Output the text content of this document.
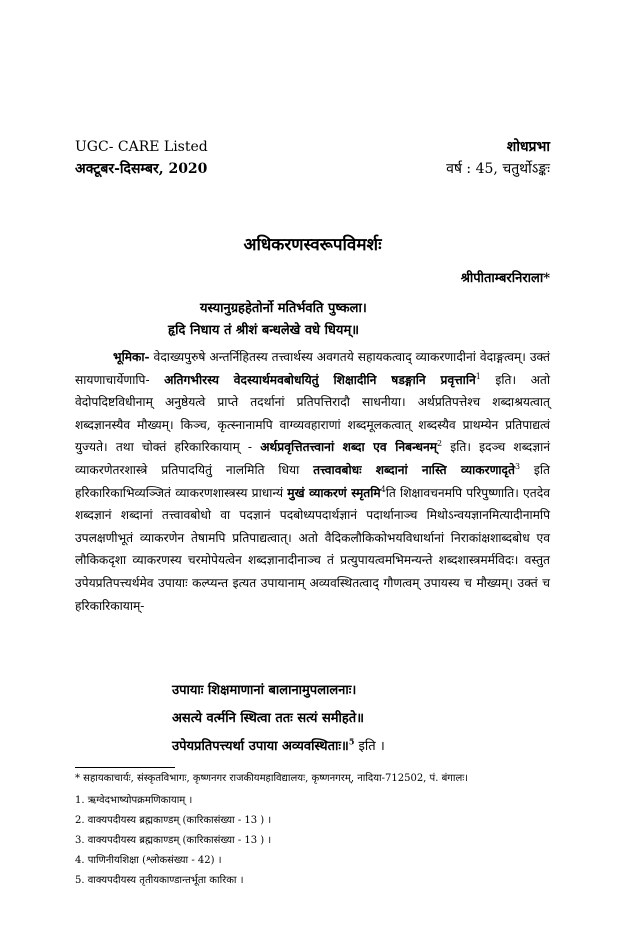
UGC- CARE Listed
अक्टूबर-दिसम्बर, 2020
शोधप्रभा
वर्ष : 45, चतुर्थोऽङ्कः
अधिकरणस्वरूपविमर्शः
श्रीपीताम्बरनिराला*
यस्यानुग्रहहेतोर्नो मतिर्भवति पुष्कला।
हृदि निधाय तं श्रीशं बन्धलेखे वधे धियम्॥

भूमिका- वेदाख्यपुरुषे अन्तर्निहितस्य तत्त्वार्थस्य अवगतये सहायकत्वाद् व्याकरणादीनां वेदाङ्गत्वम्। उक्तं सायणाचार्येणापि- अतिगभीरस्य वेदस्यार्थमवबोधयितुं शिक्षादीनि षडङ्गानि प्रवृत्तानि$^1$ इति। अतो वेदोपदिष्टविधीनाम् अनुष्ठेयत्वे प्राप्ते तदर्थानां प्रतिपत्तिरादौ साधनीया। अर्थप्रतिपत्तेश्च शब्दाश्रयत्वात् शब्दज्ञानस्यैव मौख्यम्। किञ्च, कृत्स्नानामपि वाग्व्यवहाराणां शब्दमूलकत्वात् शब्दस्यैव प्राथम्येन प्रतिपाद्यत्वं युज्यते। तथा चोक्तं हरिकारिकायाम् - अर्थप्रवृत्तितत्त्वानां शब्दा एव निबन्धनम्$^2$ इति। इदञ्च शब्दज्ञानं व्याकरणेतरशास्त्रे प्रतिपादयितुं नालमिति धिया तत्त्वावबोधः शब्दानां नास्ति व्याकरणादृते$^3$ इति हरिकारिकाभिव्यञ्जितं व्याकरणशास्त्रस्य प्राधान्यं मुखं व्याकरणं स्मृतमि$^4$ति शिक्षावचनमपि परिपुष्णाति। एतदेव शब्दज्ञानं शब्दानां तत्त्वावबोधो वा पदज्ञानं पदबोध्यपदार्थज्ञानं पदार्थानाञ्च मिथोऽन्वयज्ञानमित्यादीनामपि उपलक्षणीभूतं व्याकरणेन तेषामपि प्रतिपाद्यत्वात्। अतो वैदिकलौकिकोभयविधार्थानां निराकांक्षशाब्दबोध एव लौकिकदृशा व्याकरणस्य चरमोपेयत्वेन शब्दज्ञानादीनाञ्च तं प्रत्युपायत्वमभिमन्यन्ते शब्दशास्त्रमर्मविदः। वस्तुत उपेयप्रतिपत्त्यर्थमेव उपायाः कल्प्यन्त इत्यत उपायानाम् अव्यवस्थितत्वाद् गौणत्वम् उपायस्य च मौख्यम्। उक्तं च हरिकारिकायाम्-

उपायाः शिक्षमाणानां बालानामुपलालनाः।
असत्ये वर्त्मनि स्थित्वा ततः सत्यं समीहते॥
उपेयप्रतिपत्त्यर्था उपाया अव्यवस्थिताः॥$^5$ इति ।
* सहायकाचार्यः, संस्कृतविभागः, कृष्णनगर राजकीयमहाविद्यालयः, कृष्णनगरम्, नादिया-712502, पं. बंगालः।
1. ऋग्वेदभाष्योपक्रमणिकायाम् ।
2. वाक्यपदीयस्य ब्रह्मकाण्डम् (कारिकासंख्या - 13 ) ।
3. वाक्यपदीयस्य ब्रह्मकाण्डम् (कारिकासंख्या - 13 ) ।
4. पाणिनीयशिक्षा (श्लोकसंख्या - 42) ।
5. वाक्यपदीयस्य तृतीयकाण्डान्तर्भूता कारिका ।
